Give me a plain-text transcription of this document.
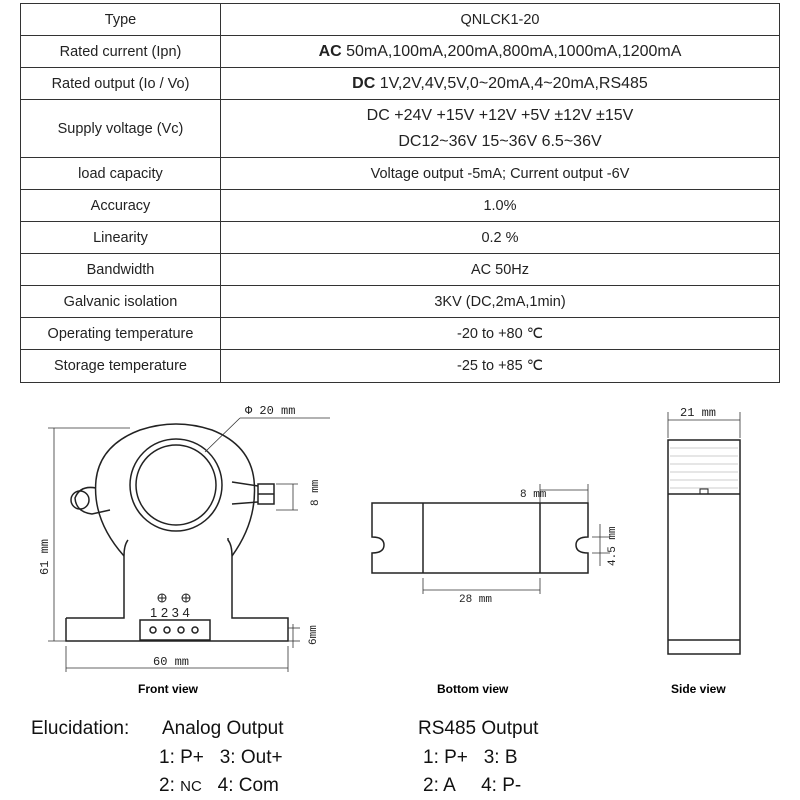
Type	QNLCK1-20
Rated current (Ipn)	AC 50mA,100mA,200mA,800mA,1000mA,1200mA
Rated output (Io / Vo)	DC 1V,2V,4V,5V,0~20mA,4~20mA,RS485
Supply voltage (Vc)	DC +24V +15V +12V +5V ±12V ±15V
DC12~36V 15~36V 6.5~36V

load capacity	Voltage output -5mA; Current output -6V
Accuracy	1.0%
Linearity	0.2 %
Bandwidth	AC 50Hz
Galvanic isolation	3KV (DC,2mA,1min)
Operating temperature	-20 to +80 ℃
Storage temperature	-25 to +85 ℃
Φ 20 mm
61 mm
60 mm
8 mm
6mm
1 2 3 4
8 mm
4.5 mm
28 mm
21 mm
Front view	Bottom view	Side view
Elucidation: Analog Output
1: P+   3: Out+
2: NC   4: Com
RS485 Output
1: P+   3: B
2: A     4: P-
